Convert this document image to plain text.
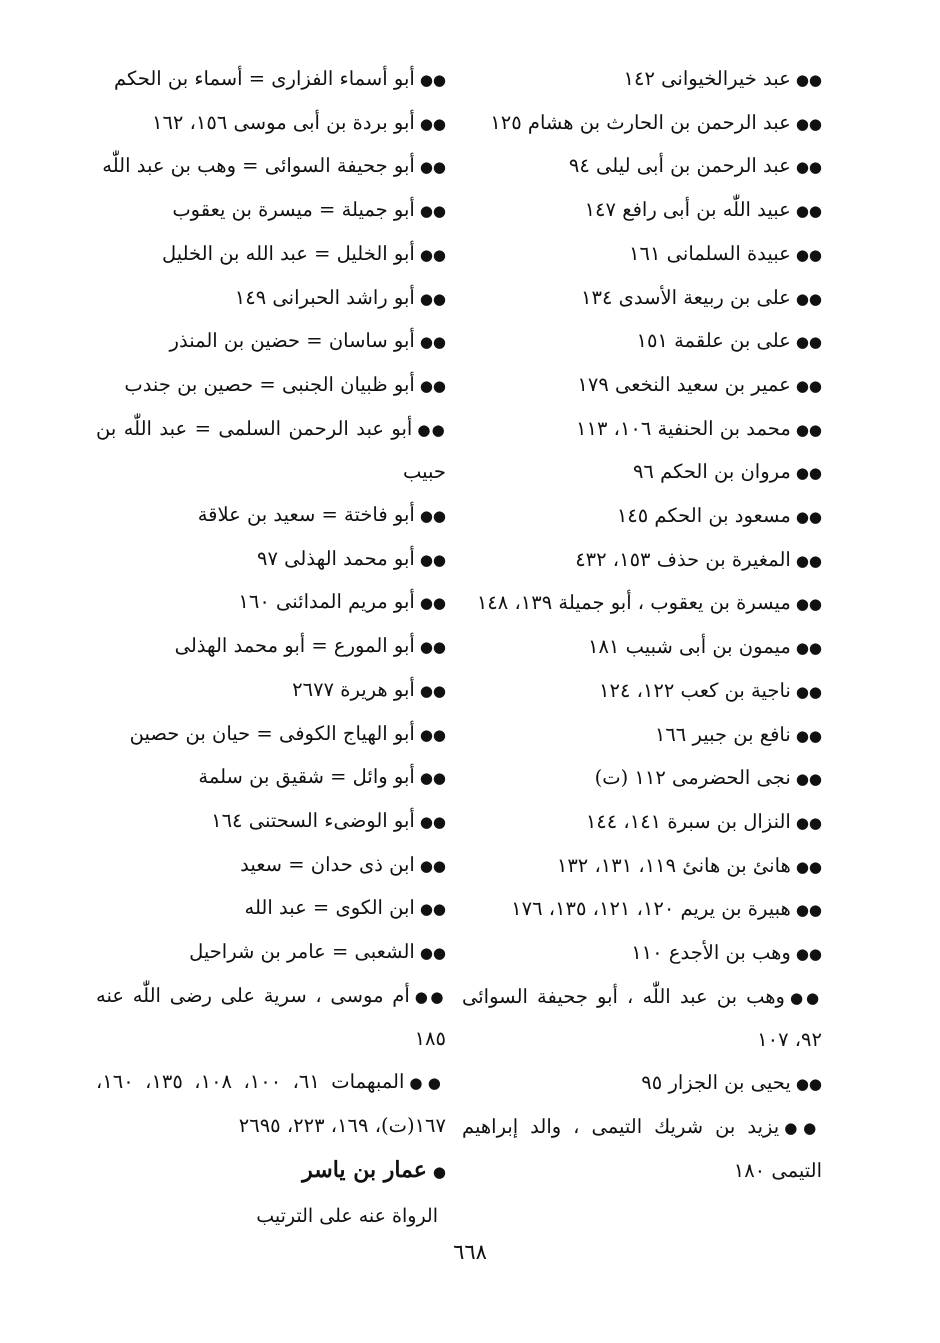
●●عبد خيرالخيوانى ١٤٢
●●عبد الرحمن بن الحارث بن هشام ١٢٥
●●عبد الرحمن بن أبى ليلى ٩٤
●●عبيد اللّٰه بن أبى رافع ١٤٧
●●عبيدة السلمانى ١٦١
●●على بن ربيعة الأسدى ١٣٤
●●على بن علقمة ١٥١
●●عمير بن سعيد النخعى ١٧٩
●●محمد بن الحنفية ١٠٦، ١١٣
●●مروان بن الحكم ٩٦
●●مسعود بن الحكم ١٤٥
●●المغيرة بن حذف ١٥٣، ٤٣٢
●●ميسرة بن يعقوب ، أبو جميلة ١٣٩، ١٤٨
●●ميمون بن أبى شبيب ١٨١
●●ناجية بن كعب ١٢٢، ١٢٤
●●نافع بن جبير ١٦٦
●●نجى الحضرمى ١١٢ (ت)
●●النزال بن سبرة ١٤١، ١٤٤
●●هانئ بن هانئ ١١٩، ١٣١، ١٣٢
●●هبيرة بن يريم ١٢٠، ١٢١، ١٣٥، ١٧٦
●●وهب بن الأجدع ١١٠
●●وهب بن عبد اللّٰه ، أبو جحيفة السوائى ٩٢، ١٠٧
●●يحيى بن الجزار ٩٥
●●يزيد بن شريك التيمى ، والد إبراهيم التيمى ١٨٠
●●أبو أسماء الفزارى = أسماء بن الحكم
●●أبو بردة بن أبى موسى ١٥٦، ١٦٢
●●أبو جحيفة السوائى = وهب بن عبد اللّٰه
●●أبو جميلة = ميسرة بن يعقوب
●●أبو الخليل = عبد الله بن الخليل
●●أبو راشد الحبرانى ١٤٩
●●أبو ساسان = حضين بن المنذر
●●أبو ظبيان الجنبى = حصين بن جندب
●●أبو عبد الرحمن السلمى = عبد اللّٰه بن حبيب
●●أبو فاختة = سعيد بن علاقة
●●أبو محمد الهذلى ٩٧
●●أبو مريم المدائنى ١٦٠
●●أبو المورع = أبو محمد الهذلى
●●أبو هريرة ٢٦٧٧
●●أبو الهياج الكوفى = حيان بن حصين
●●أبو وائل = شقيق بن سلمة
●●أبو الوضىء السحتنى ١٦٤
●●ابن ذى حدان = سعيد
●●ابن الكوى = عبد الله
●●الشعبى = عامر بن شراحيل
●●أم موسى ، سرية على رضى اللّٰه عنه ١٨٥
●●المبهمات ٦١، ١٠٠، ١٠٨، ١٣٥، ١٦٠، ١٦٧(ت)، ١٦٩، ٢٢٣، ٢٦٩٥
●عمار بن ياسر
الرواة عنه على الترتيب
٦٦٨
